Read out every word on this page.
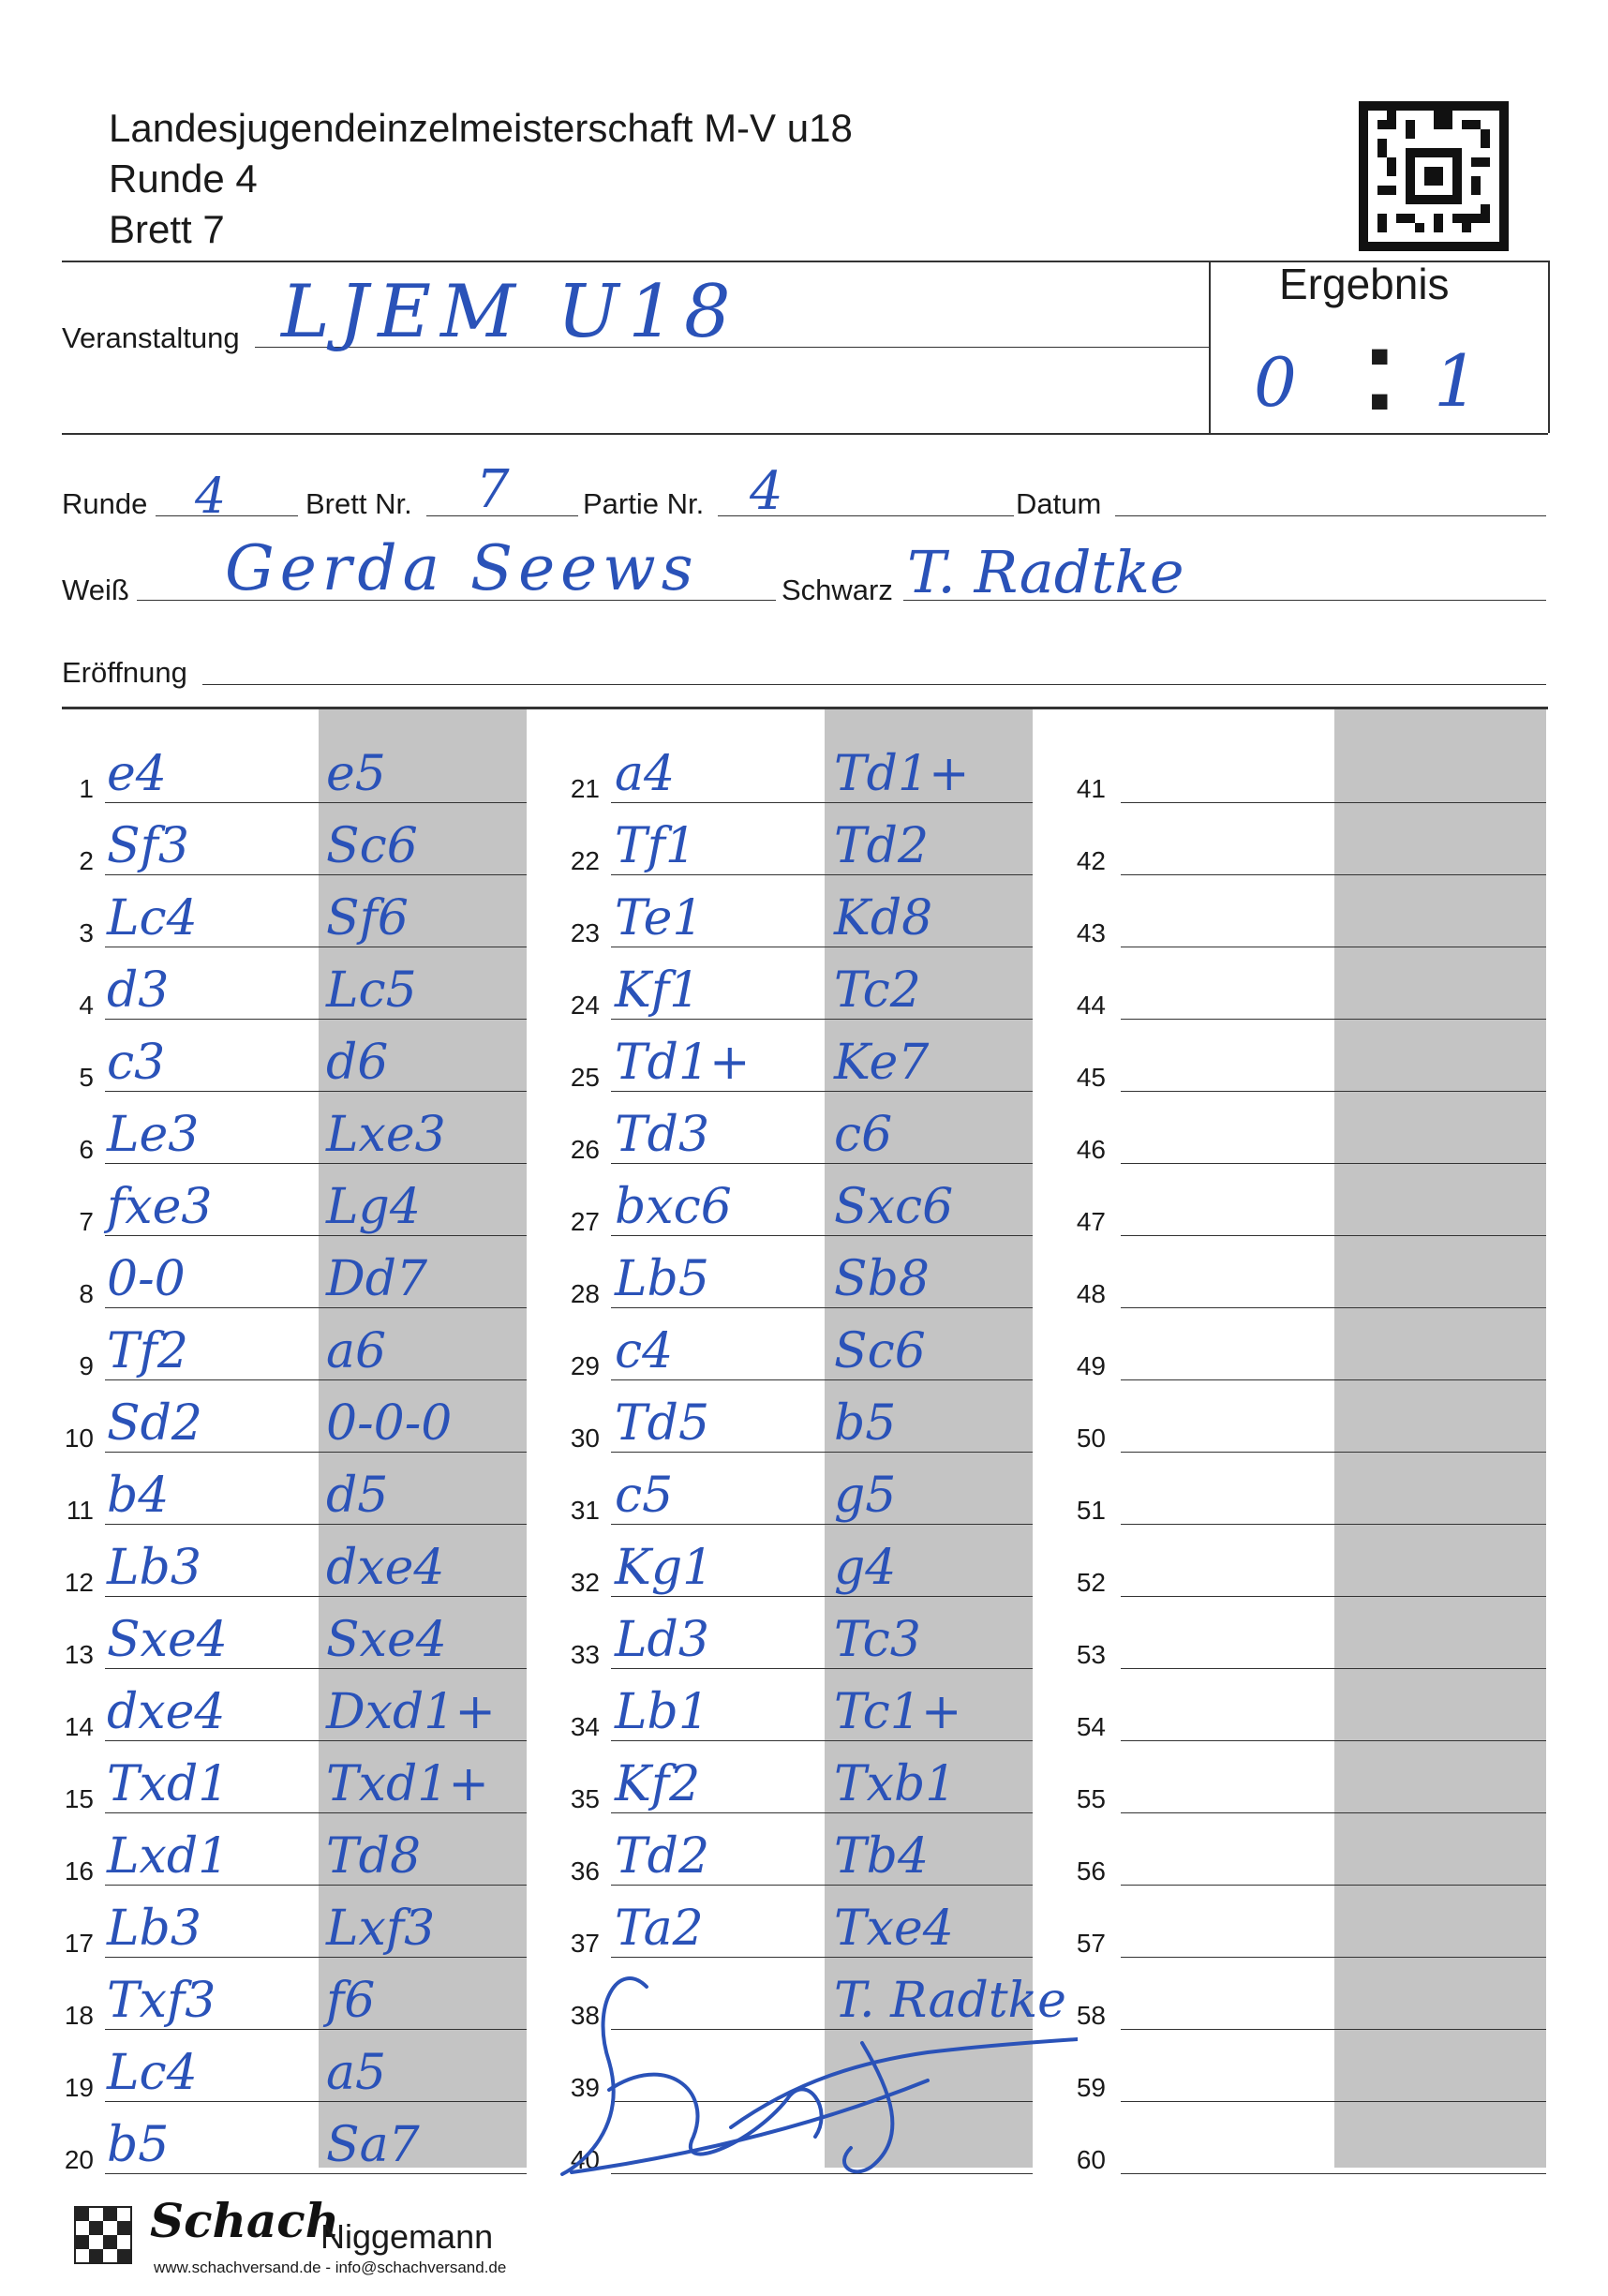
Landesjugendeinzelmeisterschaft M-V u18
Runde 4
Brett 7
Veranstaltung LJEM U18	Ergebnis
0 ■
■ 1
Runde 4	Brett Nr. 7	Partie Nr. 4	Datum
Weiß Gerda Seews	Schwarz T. Radtke
Eröffnung
1 e4	e5
2 Sf3	Sc6
3 Lc4	Sf6
4 d3	Lc5
5 c3	d6
6 Le3	Lxe3
7 fxe3 Lg4
8 0-0	Dd7
9 Tf2	a6
10 Sd2	0-0-0
11 b4	d5
12 Lb3	dxe4
13 Sxe4 Sxe4
14 dxe4 Dxd1+
15 Txd1 Txd1+
16 Lxd1 Td8
17 Lb3	Lxf3
18 Txf3 f6
19 Lc4	a5
20 b5	Sa7
21 a4	Td1+
22 Tf1	Td2
23 Te1	Kd8
24 Kf1	Tc2
25 Td1+ Ke7
26 Td3	c6
27 bxc6 Sxc6
28 Lb5	Sb8
29 c4	Sc6
30 Td5	b5
31 c5	g5
32 Kg1 g4
33 Ld3	Tc3
34 Lb1	Tc1+
35 Kf2	Txb1
36 Td2	Tb4
37 Ta2	Txe4
38	T. Radtke
39
40
41
42
43
44
45
46
47
48
49
50
51
52
53
54
55
56
57
58
59
60
Schach
Niggemann
www.schachversand.de - info@schachversand.de
